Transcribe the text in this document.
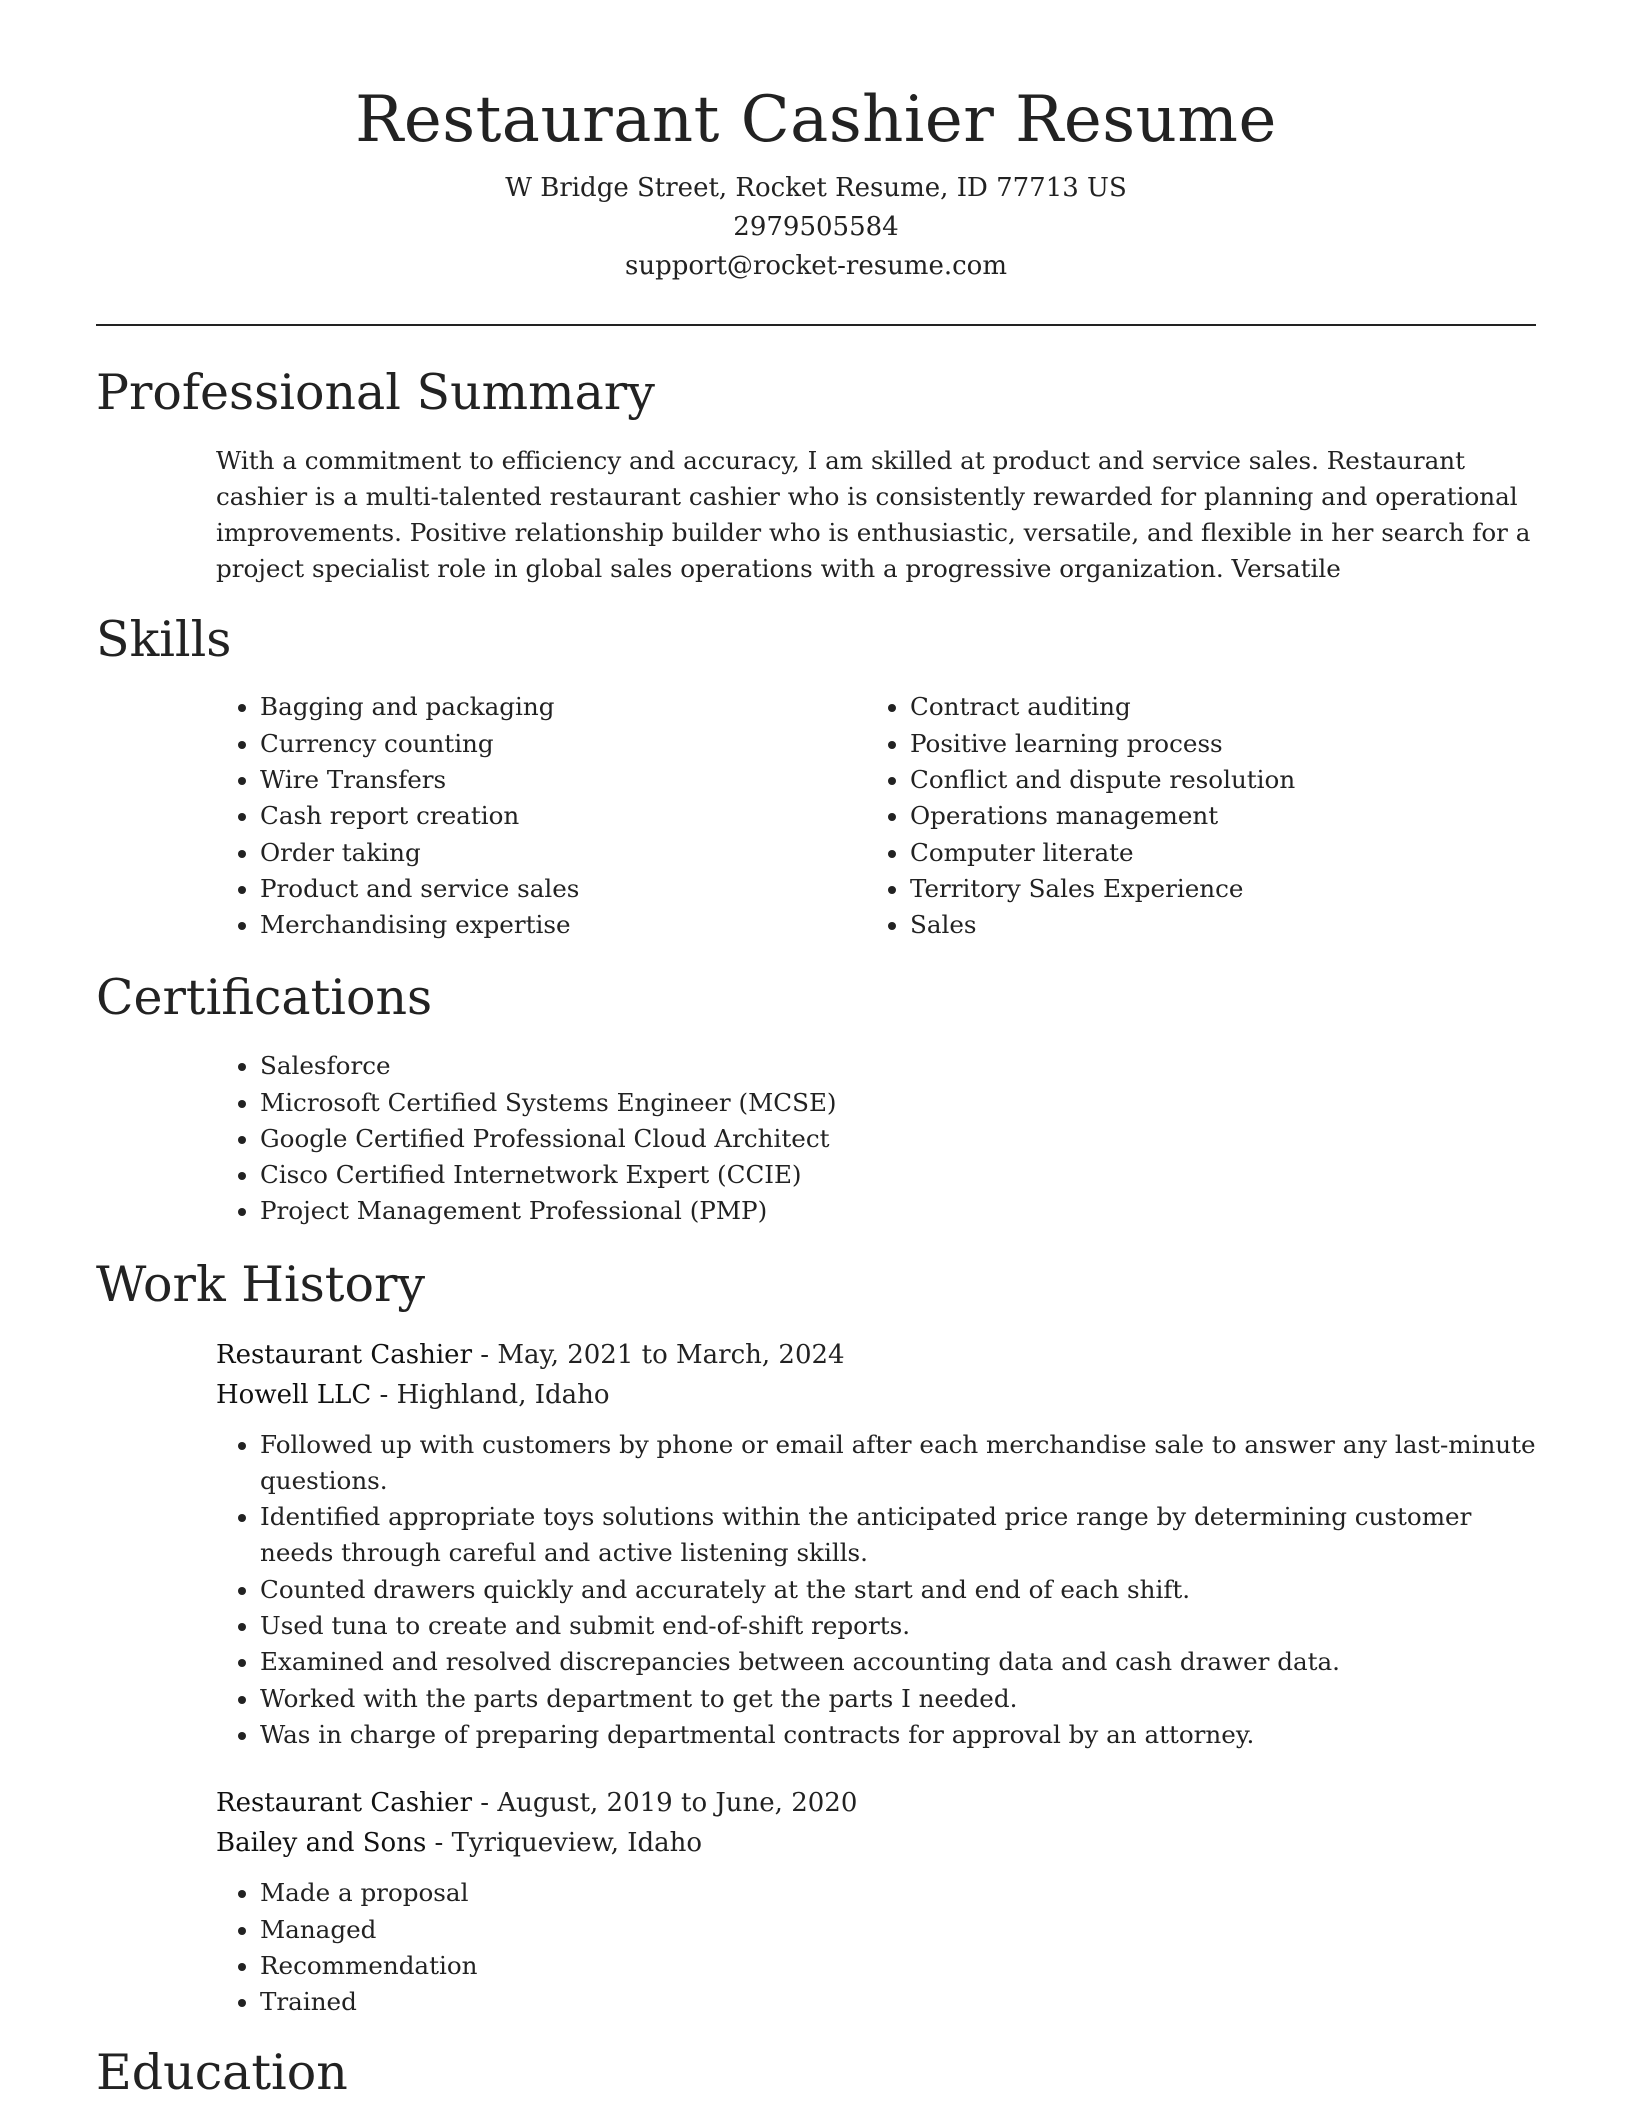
Restaurant Cashier Resume
W Bridge Street, Rocket Resume, ID 77713 US
2979505584
support@rocket-resume.com
Professional Summary

With a commitment to efficiency and accuracy, I am skilled at product and service sales. Restaurant cashier is a multi-talented restaurant cashier who is consistently rewarded for planning and operational improvements. Positive relationship builder who is enthusiastic, versatile, and flexible in her search for a project specialist role in global sales operations with a progressive organization. Versatile

Skills
• Bagging and packaging
• Currency counting
• Wire Transfers
• Cash report creation
• Order taking
• Product and service sales
• Merchandising expertise
• Contract auditing
• Positive learning process
• Conflict and dispute resolution
• Operations management
• Computer literate
• Territory Sales Experience
• Sales
Certifications
• Salesforce
• Microsoft Certified Systems Engineer (MCSE)
• Google Certified Professional Cloud Architect
• Cisco Certified Internetwork Expert (CCIE)
• Project Management Professional (PMP)
Work History
Restaurant Cashier - May, 2021 to March, 2024
Howell LLC - Highland, Idaho
• Followed up with customers by phone or email after each merchandise sale to answer any last-minute questions.
• Identified appropriate toys solutions within the anticipated price range by determining customer needs through careful and active listening skills.
• Counted drawers quickly and accurately at the start and end of each shift.
• Used tuna to create and submit end-of-shift reports.
• Examined and resolved discrepancies between accounting data and cash drawer data.
• Worked with the parts department to get the parts I needed.
• Was in charge of preparing departmental contracts for approval by an attorney.
Restaurant Cashier - August, 2019 to June, 2020
Bailey and Sons - Tyriqueview, Idaho
• Made a proposal
• Managed
• Recommendation
• Trained
Education
